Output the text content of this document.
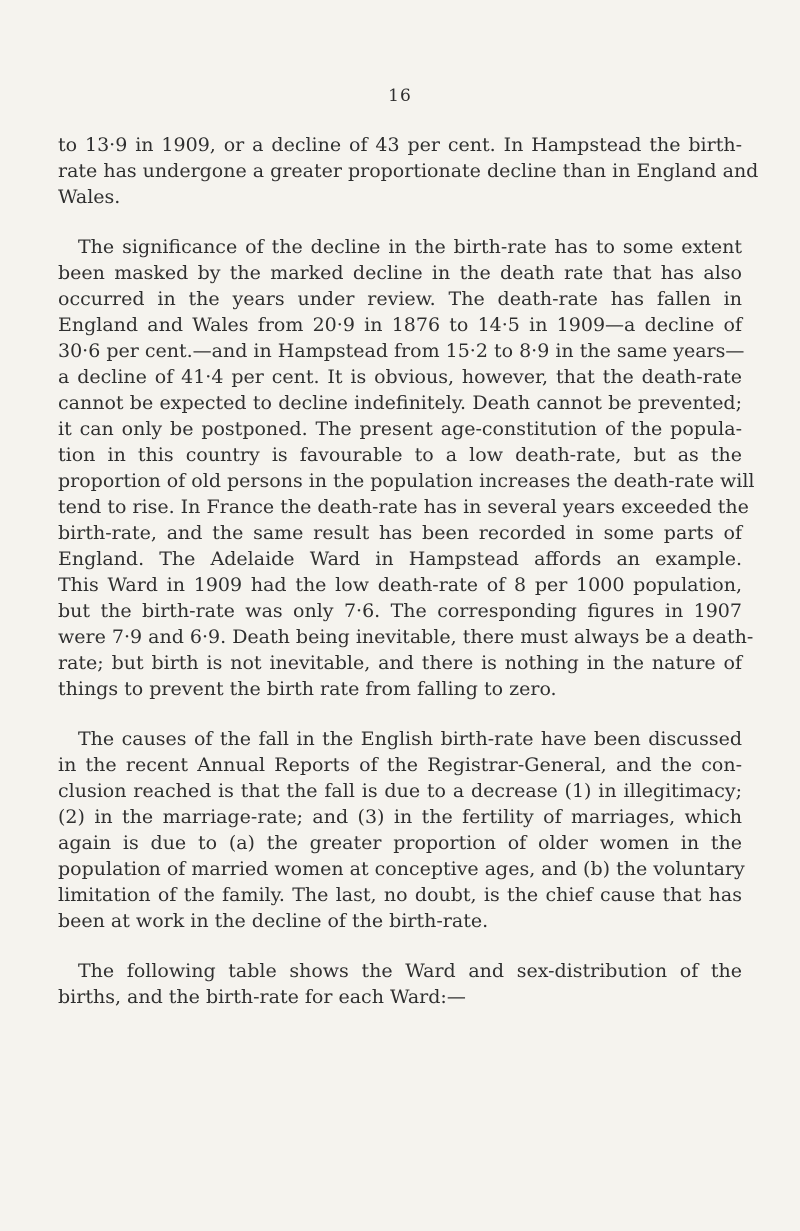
16
to 13·9 in 1909, or a decline of 43 per cent. In Hampstead the birth-
rate has undergone a greater proportionate decline than in England and
Wales.
The significance of the decline in the birth-rate has to some extent
been masked by the marked decline in the death rate that has also
occurred in the years under review. The death-rate has fallen in
England and Wales from 20·9 in 1876 to 14·5 in 1909—a decline of
30·6 per cent.—and in Hampstead from 15·2 to 8·9 in the same years—
a decline of 41·4 per cent. It is obvious, however, that the death-rate
cannot be expected to decline indefinitely. Death cannot be prevented;
it can only be postponed. The present age-constitution of the popula-
tion in this country is favourable to a low death-rate, but as the
proportion of old persons in the population increases the death-rate will
tend to rise. In France the death-rate has in several years exceeded the
birth-rate, and the same result has been recorded in some parts of
England. The Adelaide Ward in Hampstead affords an example.
This Ward in 1909 had the low death-rate of 8 per 1000 population,
but the birth-rate was only 7·6. The corresponding figures in 1907
were 7·9 and 6·9. Death being inevitable, there must always be a death-
rate; but birth is not inevitable, and there is nothing in the nature of
things to prevent the birth rate from falling to zero.
The causes of the fall in the English birth-rate have been discussed
in the recent Annual Reports of the Registrar-General, and the con-
clusion reached is that the fall is due to a decrease (1) in illegitimacy;
(2) in the marriage-rate; and (3) in the fertility of marriages, which
again is due to (a) the greater proportion of older women in the
population of married women at conceptive ages, and (b) the voluntary
limitation of the family. The last, no doubt, is the chief cause that has
been at work in the decline of the birth-rate.
The following table shows the Ward and sex-distribution of the
births, and the birth-rate for each Ward:—
